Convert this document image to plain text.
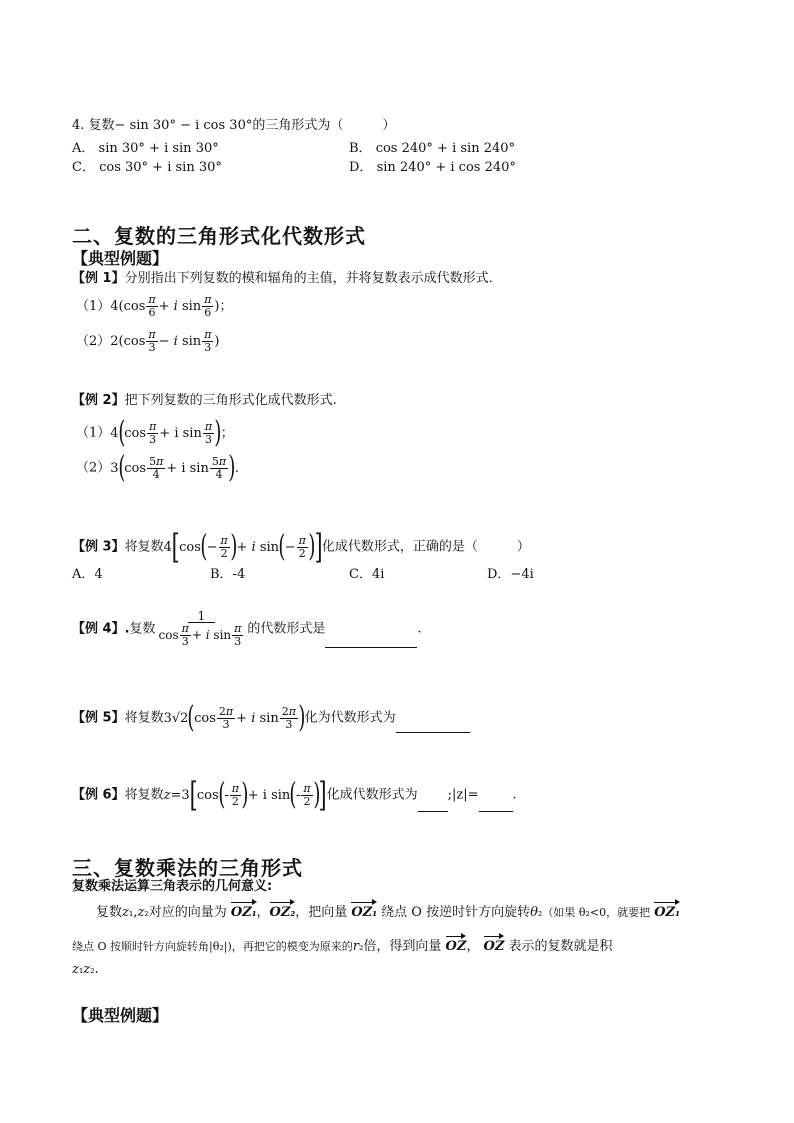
4. 复数− sin 30° − i cos 30°的三角形式为（　　　）
A． sin 30° + i sin 30°	B． cos 240° + i sin 240°
C． cos 30° + i sin 30°	D． sin 240° + i cos 240°
二、复数的三角形式化代数形式
【典型例题】
【例 1】分别指出下列复数的模和辐角的主值，并将复数表示成代数形式．
$(1)4(\cos \frac{\pi}{6} + i$ $\sin \frac{\pi}{6}$ )；
$(2)2(\cos \frac{\pi}{3} - i$ $\sin \frac{\pi}{3}$ )
【例 2】把下列复数的三角形式化成代数形式.
$(1)4(\cos \frac{\pi}{3} + i$ $\sin \frac{\pi}{3}$ )；
$(2)3(\cos \frac{5\pi}{4} + i$ $\sin \frac{5\pi}{4}$ ).
【例 3】将复数$4[\cos(- \frac{\pi}{2}$ )+ i $\sin(- \frac{\pi}{2}$ )]化成代数形式，正确的是（　　　）
A．4	B．-4	C．4i	D．−4i
【例 4】.复数 $\frac{1}{\cos \frac{\pi}{3} + i \sin \frac{\pi}{3}}$ 的代数形式是	.
【例 5】将复数$3√2(\cos \frac{2\pi}{3} + i$ $\sin \frac{2\pi}{3}$ )化为代数形式为
【例 6】将复数$z=3[\cos(- \frac{\pi}{2}$ )+ i $\sin(- \frac{\pi}{2}$ )]化成代数形式为 ;|z|=	.
三、复数乘法的三角形式
复数乘法运算三角表示的几何意义:
复数z₁,z₂对应的向量为 OZ₁，OZ₂，把向量 OZ₁ 绕点 O 按逆时针方向旋转θ₂（如果 θ₂<0，就要把 OZ₁
绕点 O 按顺时针方向旋转角|θ₂|)，再把它的模变为原来的r₂倍，得到向量 OZ， OZ 表示的复数就是积
z₁z₂.
【典型例题】
